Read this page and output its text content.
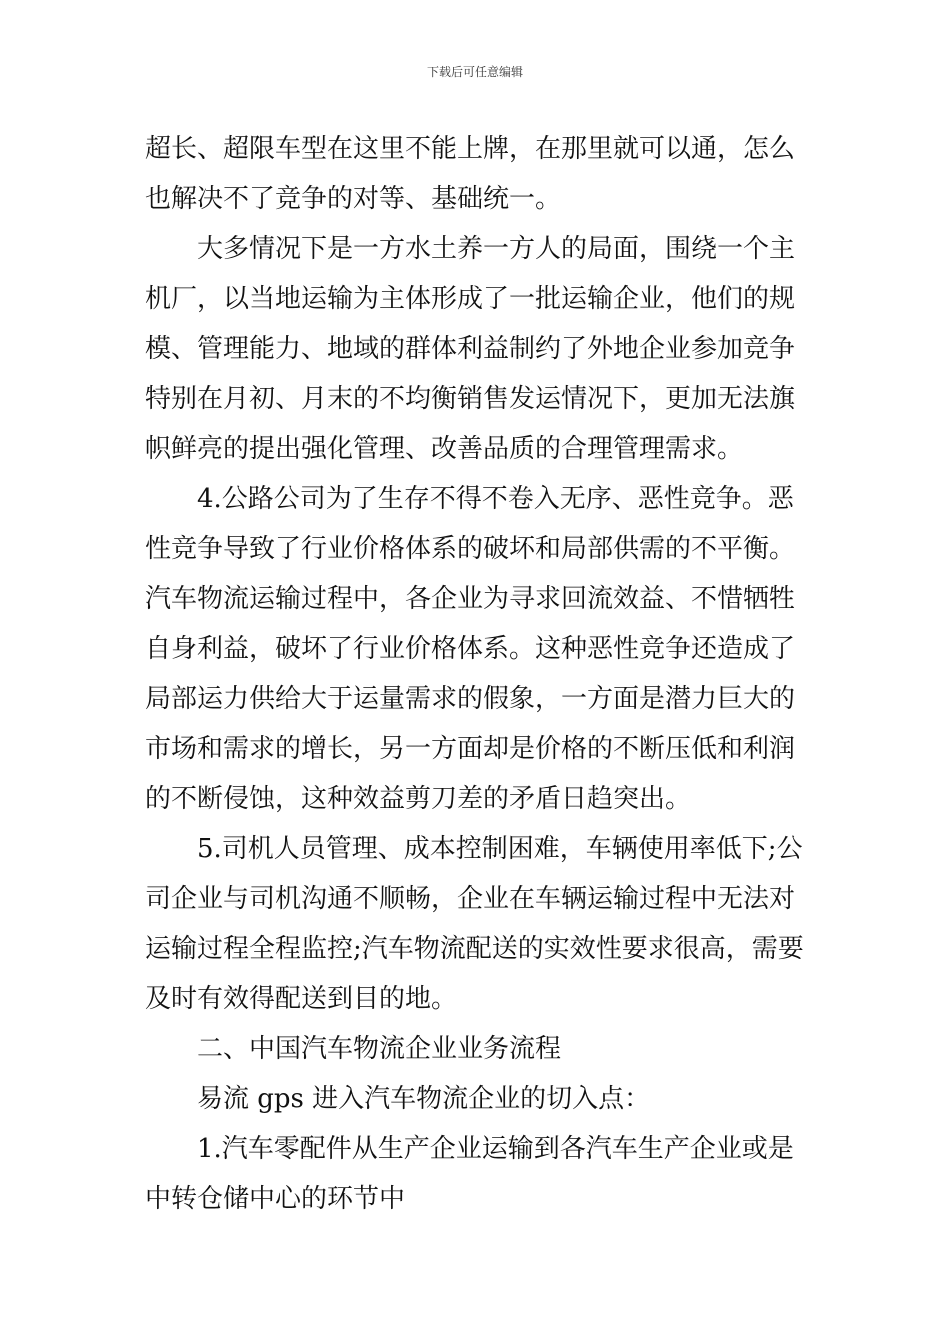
下载后可任意编辑
超长、超限车型在这里不能上牌，在那里就可以通，怎么
也解决不了竞争的对等、基础统一。
大多情况下是一方水土养一方人的局面，围绕一个主
机厂，以当地运输为主体形成了一批运输企业，他们的规
模、管理能力、地域的群体利益制约了外地企业参加竞争
特别在月初、月末的不均衡销售发运情况下，更加无法旗
帜鲜亮的提出强化管理、改善品质的合理管理需求。
4.公路公司为了生存不得不卷入无序、恶性竞争。恶
性竞争导致了行业价格体系的破坏和局部供需的不平衡。
汽车物流运输过程中，各企业为寻求回流效益、不惜牺牲
自身利益，破坏了行业价格体系。这种恶性竞争还造成了
局部运力供给大于运量需求的假象，一方面是潜力巨大的
市场和需求的增长，另一方面却是价格的不断压低和利润
的不断侵蚀，这种效益剪刀差的矛盾日趋突出。
5.司机人员管理、成本控制困难，车辆使用率低下;公
司企业与司机沟通不顺畅，企业在车辆运输过程中无法对
运输过程全程监控;汽车物流配送的实效性要求很高，需要
及时有效得配送到目的地。
二、中国汽车物流企业业务流程
易流 gps 进入汽车物流企业的切入点：
1.汽车零配件从生产企业运输到各汽车生产企业或是
中转仓储中心的环节中
